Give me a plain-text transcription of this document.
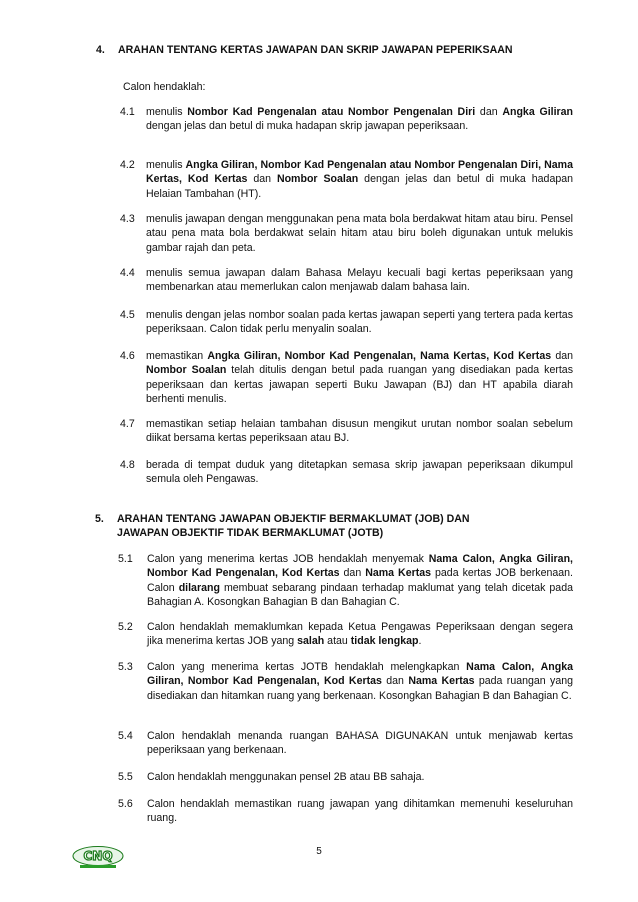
4.	ARAHAN TENTANG KERTAS JAWAPAN DAN SKRIP JAWAPAN PEPERIKSAAN
Calon hendaklah:
4.1	menulis Nombor Kad Pengenalan atau Nombor Pengenalan Diri dan Angka Giliran dengan jelas dan betul di muka hadapan skrip jawapan peperiksaan.
4.2	menulis Angka Giliran, Nombor Kad Pengenalan atau Nombor Pengenalan Diri, Nama Kertas, Kod Kertas dan Nombor Soalan dengan jelas dan betul di muka hadapan Helaian Tambahan (HT).
4.3	menulis jawapan dengan menggunakan pena mata bola berdakwat hitam atau biru. Pensel atau pena mata bola berdakwat selain hitam atau biru boleh digunakan untuk melukis gambar rajah dan peta.
4.4	menulis semua jawapan dalam Bahasa Melayu kecuali bagi kertas peperiksaan yang membenarkan atau memerlukan calon menjawab dalam bahasa lain.
4.5	menulis dengan jelas nombor soalan pada kertas jawapan seperti yang tertera pada kertas peperiksaan. Calon tidak perlu menyalin soalan.
4.6	memastikan Angka Giliran, Nombor Kad Pengenalan, Nama Kertas, Kod Kertas dan Nombor Soalan telah ditulis dengan betul pada ruangan yang disediakan pada kertas peperiksaan dan kertas jawapan seperti Buku Jawapan (BJ) dan HT apabila diarah berhenti menulis.
4.7	memastikan setiap helaian tambahan disusun mengikut urutan nombor soalan sebelum diikat bersama kertas peperiksaan atau BJ.
4.8	berada di tempat duduk yang ditetapkan semasa skrip jawapan peperiksaan dikumpul semula oleh Pengawas.
5.	ARAHAN TENTANG JAWAPAN OBJEKTIF BERMAKLUMAT (JOB) DAN JAWAPAN OBJEKTIF TIDAK BERMAKLUMAT (JOTB)
5.1	Calon yang menerima kertas JOB hendaklah menyemak Nama Calon, Angka Giliran, Nombor Kad Pengenalan, Kod Kertas dan Nama Kertas pada kertas JOB berkenaan. Calon dilarang membuat sebarang pindaan terhadap maklumat yang telah dicetak pada Bahagian A. Kosongkan Bahagian B dan Bahagian C.
5.2	Calon hendaklah memaklumkan kepada Ketua Pengawas Peperiksaan dengan segera jika menerima kertas JOB yang salah atau tidak lengkap.
5.3	Calon yang menerima kertas JOTB hendaklah melengkapkan Nama Calon, Angka Giliran, Nombor Kad Pengenalan, Kod Kertas dan Nama Kertas pada ruangan yang disediakan dan hitamkan ruang yang berkenaan. Kosongkan Bahagian B dan Bahagian C.
5.4	Calon hendaklah menanda ruangan BAHASA DIGUNAKAN untuk menjawab kertas peperiksaan yang berkenaan.
5.5	Calon hendaklah menggunakan pensel 2B atau BB sahaja.
5.6	Calon hendaklah memastikan ruang jawapan yang dihitamkan memenuhi keseluruhan ruang.
CNQ	5
